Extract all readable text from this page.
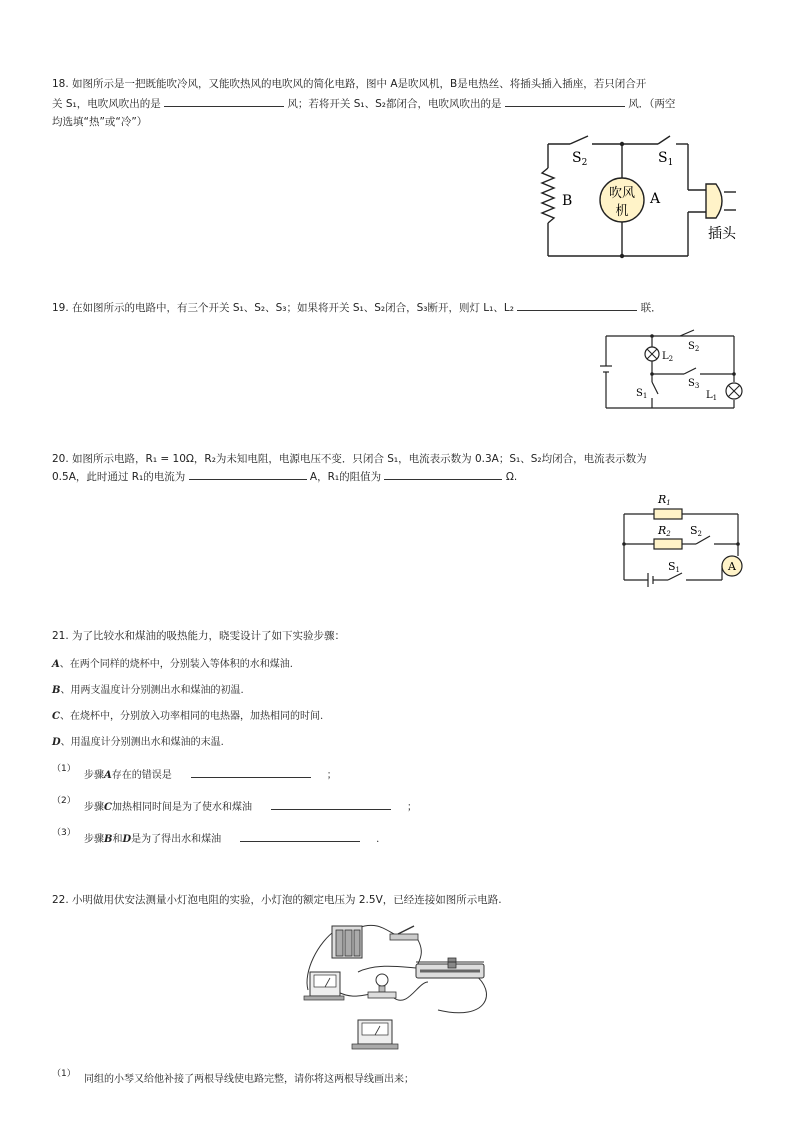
18. 如图所示是一把既能吹冷风，又能吹热风的电吹风的简化电路，图中 A是吹风机，B是电热丝、将插头插入插座，若只闭合开
关 S₁，电吹风吹出的是	风；若将开关 S₁、S₂都闭合，电吹风吹出的是	风．（两空
均选填“热”或“冷”）
$S_2$	$S_1$
B	A
吹风
机
插头
19. 在如图所示的电路中，有三个开关 S₁、S₂、S₃；如果将开关 S₁、S₂闭合，S₃断开，则灯 L₁、L₂	联．
$S_2$
$L_2$
$S_3$
$S_1$	$L_1$
20. 如图所示电路，R₁ = 10Ω，R₂为未知电阻，电源电压不变．只闭合 S₁，电流表示数为 0.3A；S₁、S₂均闭合，电流表示数为
0.5A，此时通过 R₁的电流为	A，R₁的阻值为	Ω.
A
R1
R2 S2
S1
21. 为了比较水和煤油的吸热能力，晓雯设计了如下实验步骤：
A、在两个同样的烧杯中，分别装入等体积的水和煤油.
B、用两支温度计分别测出水和煤油的初温.
C、在烧杯中，分别放入功率相同的电热器，加热相同的时间.
D、用温度计分别测出水和煤油的末温.
（1）
步骤A存在的错误是	；
（2）
步骤C加热相同时间是为了使水和煤油	；
（3）
步骤B和D是为了得出水和煤油	.
22. 小明做用伏安法测量小灯泡电阻的实验，小灯泡的额定电压为 2.5V，已经连接如图所示电路.
（1） 同组的小琴又给他补接了两根导线使电路完整，请你将这两根导线画出来；
